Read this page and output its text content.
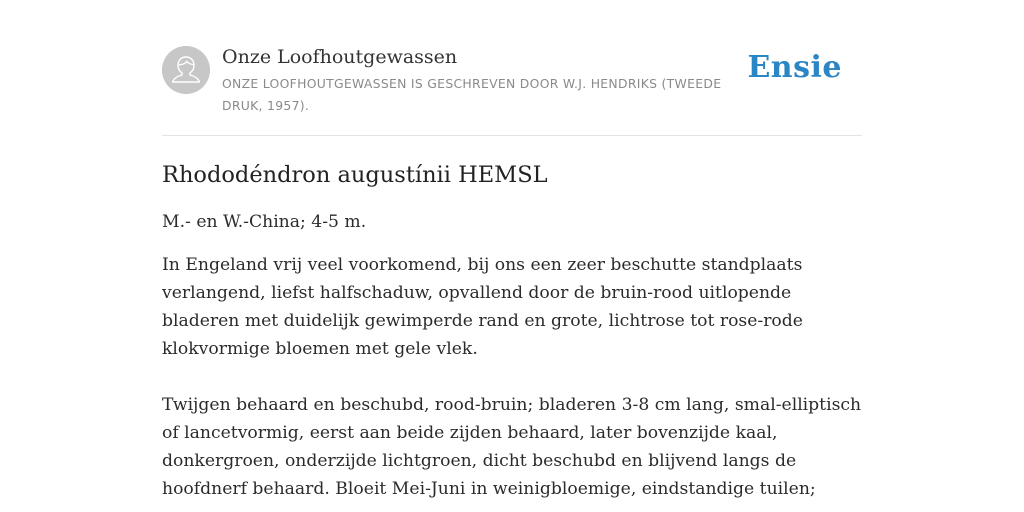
Onze Loofhoutgewassen
ONZE LOOFHOUTGEWASSEN IS GESCHREVEN DOOR W.J. HENDRIKS (TWEEDE DRUK, 1957).
Ensie
Rhododéndron augustínii HEMSL

M.- en W.-China; 4-5 m.

In Engeland vrij veel voorkomend, bij ons een zeer beschutte standplaats verlangend, liefst halfschaduw, opvallend door de bruin-rood uitlopende bladeren met duidelijk gewimperde rand en grote, lichtrose tot rose-rode klokvormige bloemen met gele vlek.

Twijgen behaard en beschubd, rood-bruin; bladeren 3-8 cm lang, smal-elliptisch of lancetvormig, eerst aan beide zijden behaard, later bovenzijde kaal, donkergroen, onderzijde lichtgroen, dicht beschubd en blijvend langs de hoofdnerf behaard. Bloeit Mei-Juni in weinigbloemige, eindstandige tuilen;
